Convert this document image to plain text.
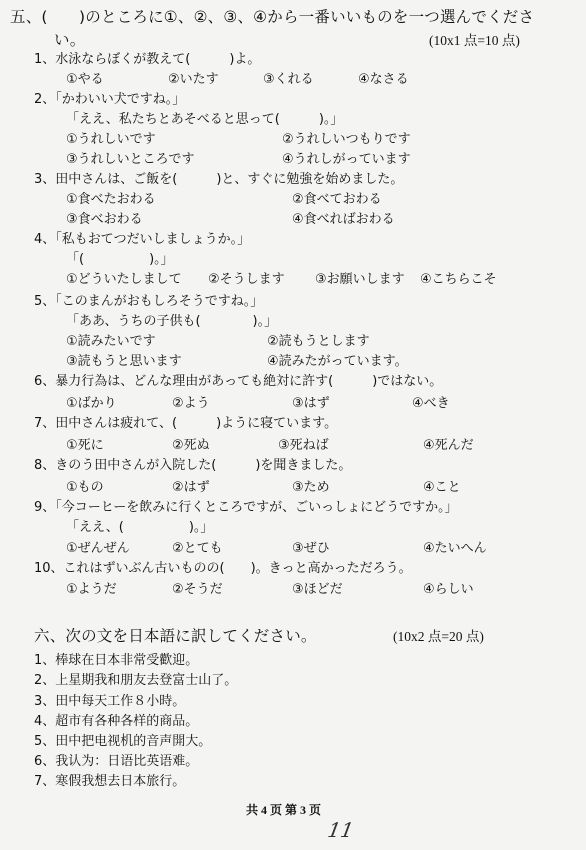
五、(　　)のところに①、②、③、④から一番いいものを一つ選んでくださ
い。	(10x1 点=10 点)
1、水泳ならぼくが教えて(　　　)よ。
①やる	②いたす	③くれる	④なさる
2、「かわいい犬ですね。」
「ええ、私たちとあそべると思って(　　　)。」
①うれしいです	②うれしいつもりです
③うれしいところです	④うれしがっています
3、田中さんは、ご飯を(　　　)と、すぐに勉強を始めました。
①食べたおわる	②食べておわる
③食べおわる	④食べればおわる
4、「私もおてつだいしましょうか。」
「(　　　　　)。」
①どういたしまして ②そうします ③お願いします ④こちらこそ
5、「このまんがおもしろそうですね。」
「ああ、うちの子供も(　　　　)。」
①読みたいです	②読もうとします
③読もうと思います	④読みたがっています。
6、暴力行為は、どんな理由があっても絶対に許す(　　　)ではない。
①ばかり	②よう	③はず	④べき
7、田中さんは疲れて、(　　　)ように寝ています。
①死に	②死ぬ	③死ねば	④死んだ
8、きのう田中さんが入院した(　　　)を聞きました。
①もの	②はず	③ため	④こと
9、「今コーヒーを飲みに行くところですが、ごいっしょにどうですか。」
「ええ、(　　　　　)。」
①ぜんぜん	②とても	③ぜひ	④たいへん
10、これはずいぶん古いものの(　　)。きっと高かっただろう。
①ようだ	②そうだ	③ほどだ	④らしい
六、次の文を日本語に訳してください。	(10x2 点=20 点)
1、棒球在日本非常受歡迎。
2、上星期我和朋友去登富士山了。
3、田中每天工作８小時。
4、超市有各种各样的商品。
5、田中把电视机的音声開大。
6、我认为：日语比英语难。
7、寒假我想去日本旅行。
共 4 页 第 3 页
11
